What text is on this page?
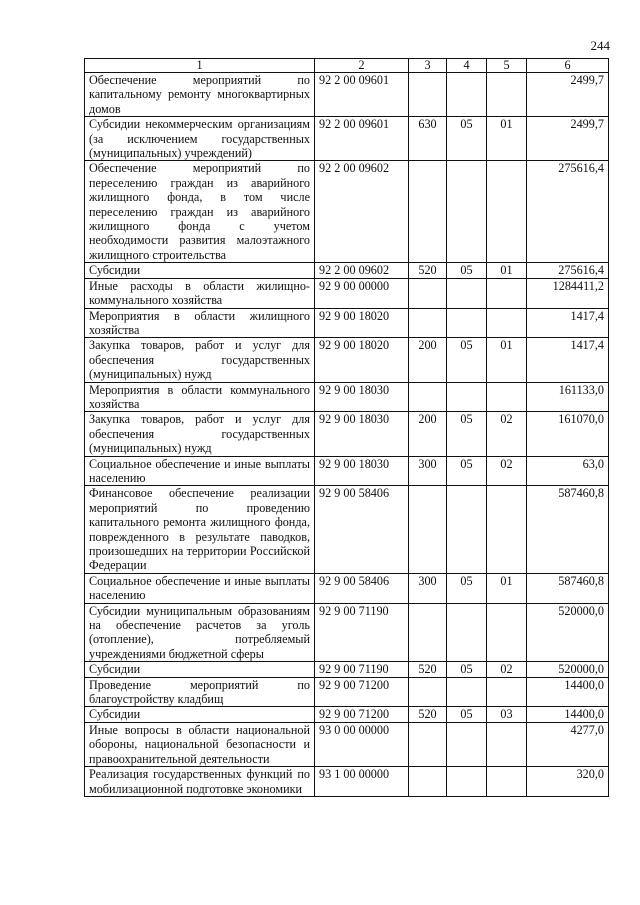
244
1	2	3	4	5	6
Обеспечение мероприятий по капитальному ремонту многоквартирных домов	92 2 00 09601				2499,7
Субсидии некоммерческим организациям (за исключением государственных (муниципальных) учреждений)	92 2 00 09601	630	05	01	2499,7
Обеспечение мероприятий по переселению граждан из аварийного жилищного фонда, в том числе переселению граждан из аварийного жилищного фонда с учетом необходимости развития малоэтажного жилищного строительства	92 2 00 09602				275616,4
Субсидии	92 2 00 09602	520	05	01	275616,4
Иные расходы в области жилищно-коммунального хозяйства	92 9 00 00000				1284411,2
Мероприятия в области жилищного хозяйства	92 9 00 18020				1417,4
Закупка товаров, работ и услуг для обеспечения государственных (муниципальных) нужд	92 9 00 18020	200	05	01	1417,4
Мероприятия в области коммунального хозяйства	92 9 00 18030				161133,0
Закупка товаров, работ и услуг для обеспечения государственных (муниципальных) нужд	92 9 00 18030	200	05	02	161070,0
Социальное обеспечение и иные выплаты населению	92 9 00 18030	300	05	02	63,0
Финансовое обеспечение реализации мероприятий по проведению капитального ремонта жилищного фонда, поврежденного в результате паводков, произошедших на территории Российской Федерации	92 9 00 58406				587460,8
Социальное обеспечение и иные выплаты населению	92 9 00 58406	300	05	01	587460,8
Субсидии муниципальным образованиям на обеспечение расчетов за уголь (отопление), потребляемый учреждениями бюджетной сферы	92 9 00 71190				520000,0
Субсидии	92 9 00 71190	520	05	02	520000,0
Проведение мероприятий по благоустройству кладбищ	92 9 00 71200				14400,0
Субсидии	92 9 00 71200	520	05	03	14400,0
Иные вопросы в области национальной обороны, национальной безопасности и правоохранительной деятельности	93 0 00 00000				4277,0
Реализация государственных функций по мобилизационной подготовке экономики	93 1 00 00000				320,0
